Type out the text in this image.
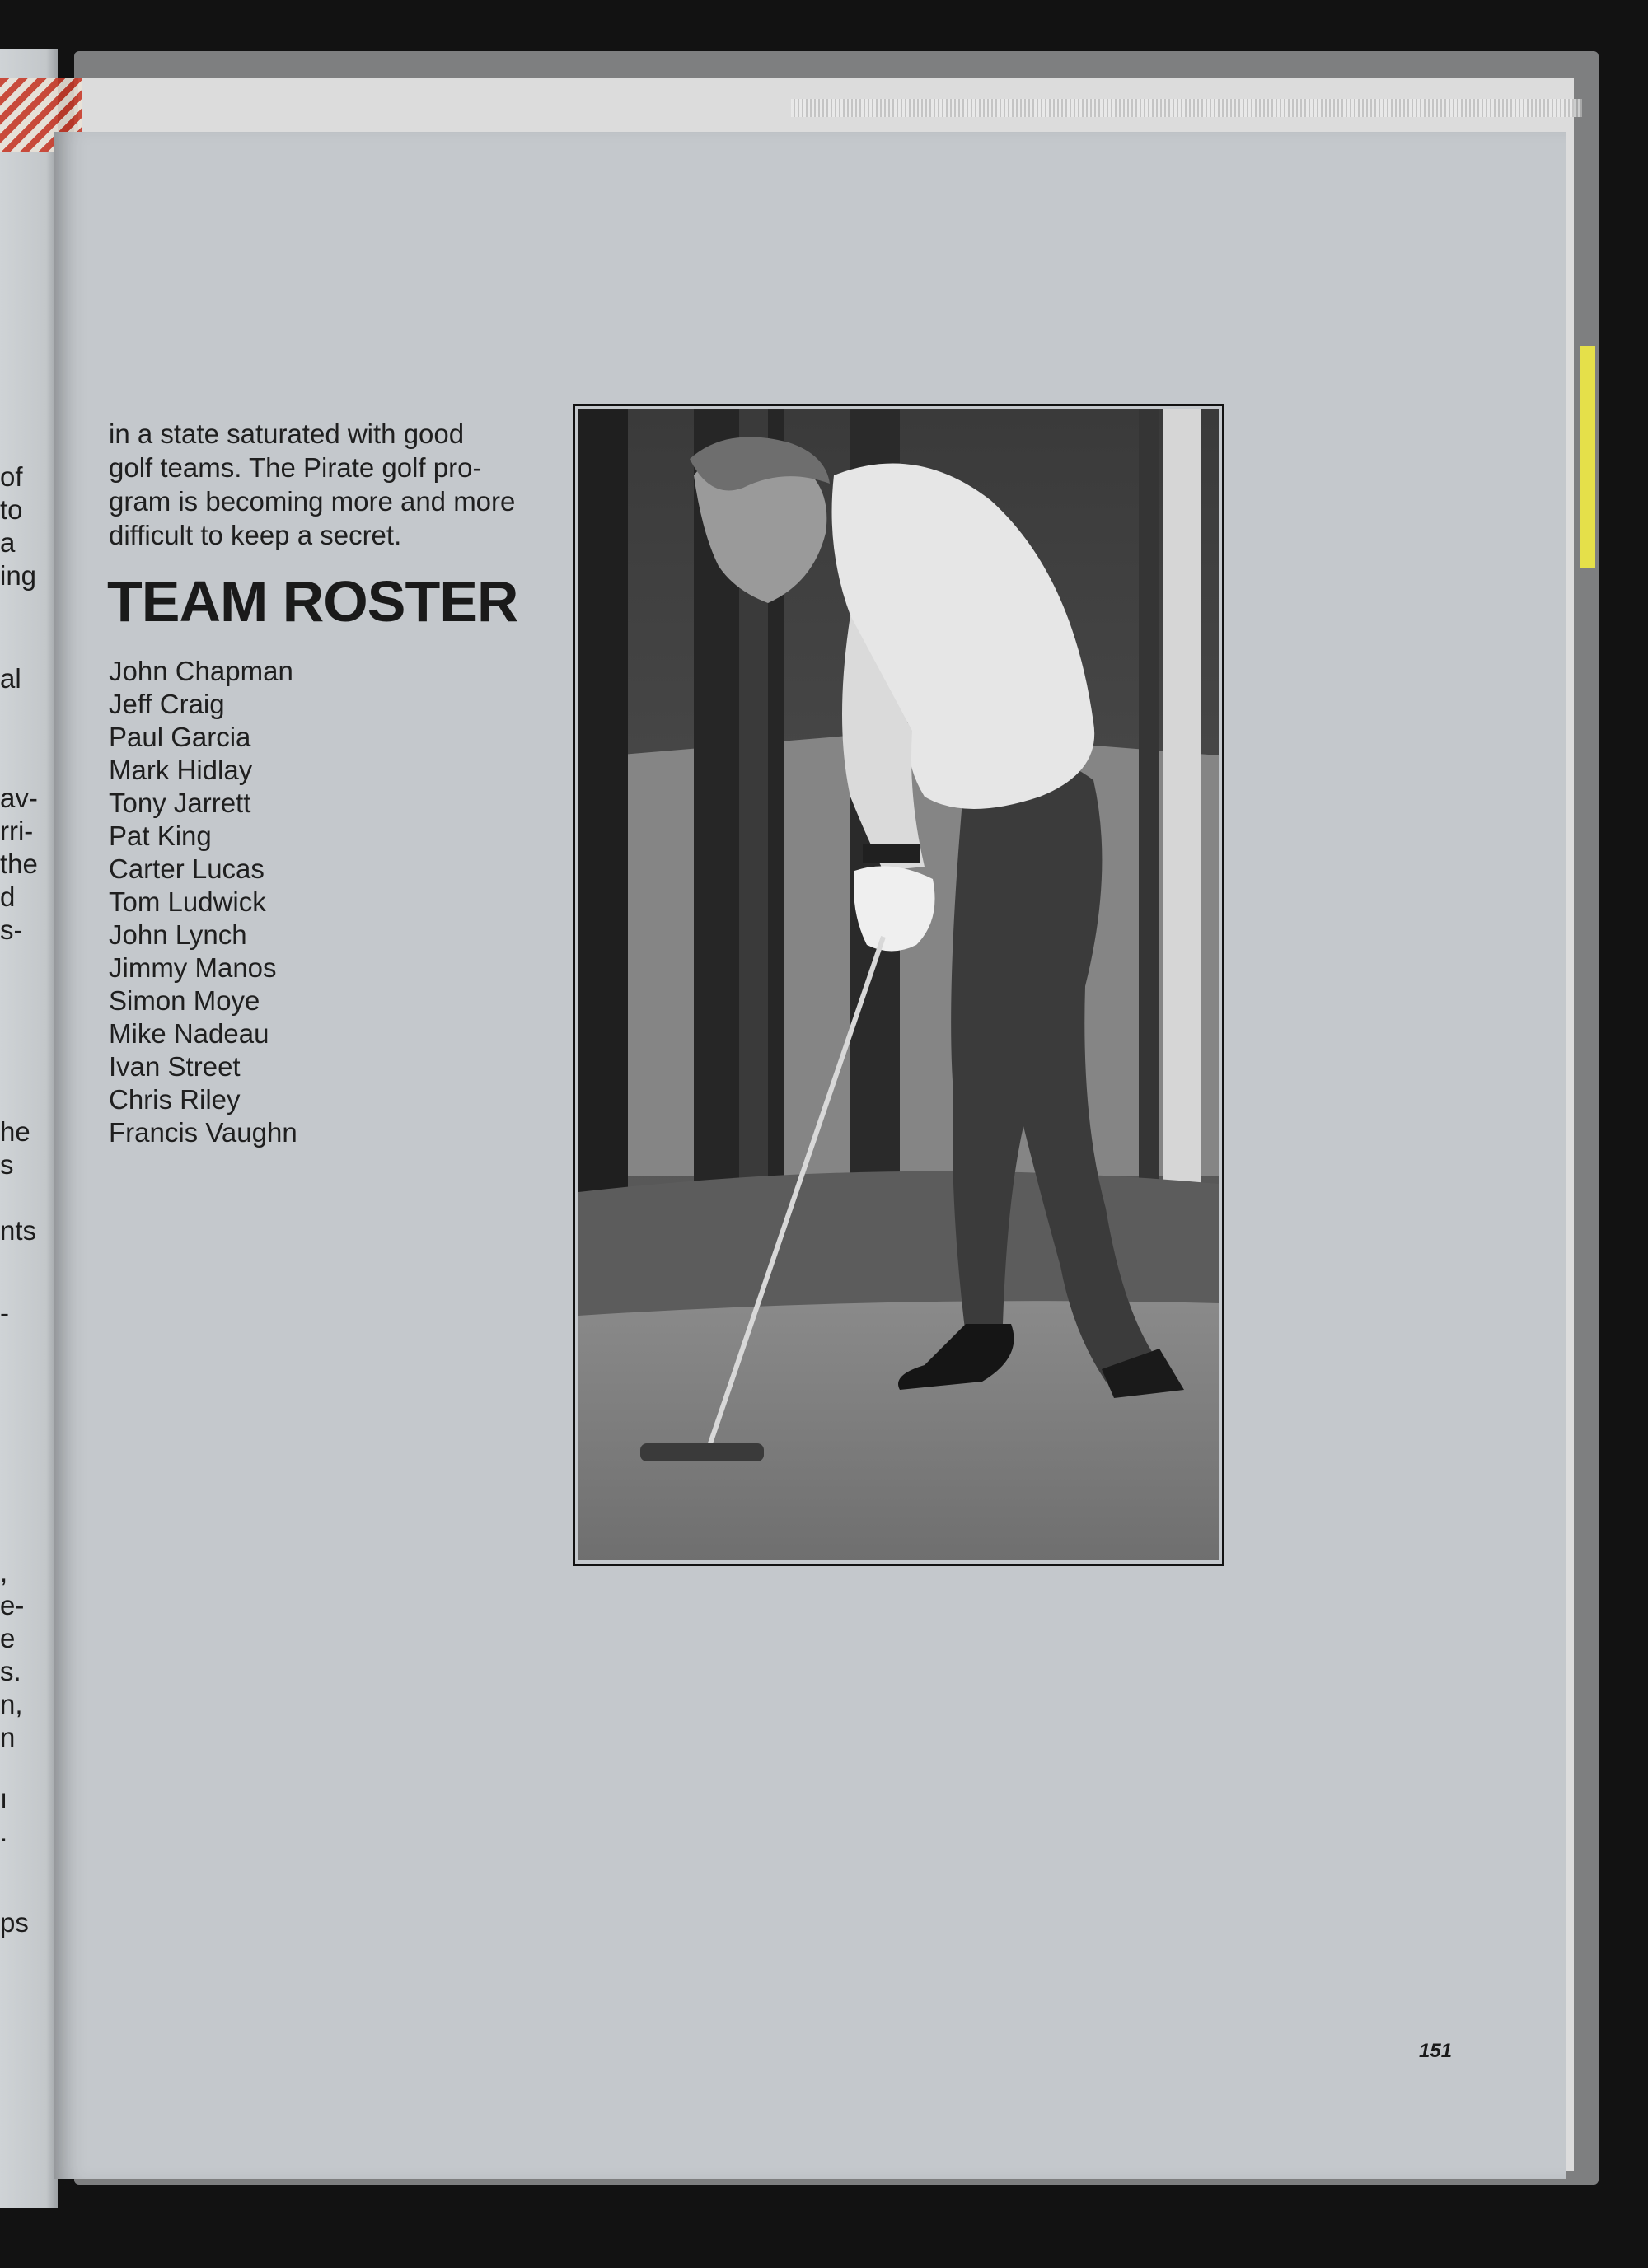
of
to
a
ing
al
av-
rri-
the
d
s-
he
s
nts
-
,
e-
e
s.
n,
n
ı
.
ps
in a state saturated with good
golf teams. The Pirate golf pro-
gram is becoming more and more
difficult to keep a secret.
TEAM ROSTER
John Chapman
Jeff Craig
Paul Garcia
Mark Hidlay
Tony Jarrett
Pat King
Carter Lucas
Tom Ludwick
John Lynch
Jimmy Manos
Simon Moye
Mike Nadeau
Ivan Street
Chris Riley
Francis Vaughn
151
